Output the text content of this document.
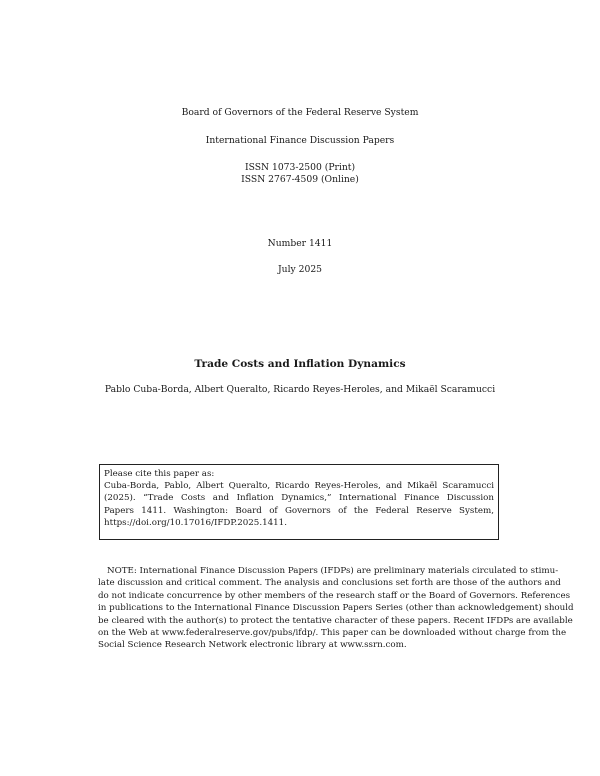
Board of Governors of the Federal Reserve System
International Finance Discussion Papers
ISSN 1073-2500 (Print)
ISSN 2767-4509 (Online)
Number 1411
July 2025
Trade Costs and Inflation Dynamics
Pablo Cuba-Borda, Albert Queralto, Ricardo Reyes-Heroles, and Mikaël Scaramucci
Please cite this paper as:
Cuba-Borda, Pablo, Albert Queralto, Ricardo Reyes-Heroles, and Mikaël Scaramucci
(2025). “Trade Costs and Inflation Dynamics,” International Finance Discussion
Papers 1411. Washington: Board of Governors of the Federal Reserve System,
https://doi.org/10.17016/IFDP.2025.1411.
NOTE: International Finance Discussion Papers (IFDPs) are preliminary materials circulated to stimu-
late discussion and critical comment. The analysis and conclusions set forth are those of the authors and
do not indicate concurrence by other members of the research staff or the Board of Governors. References
in publications to the International Finance Discussion Papers Series (other than acknowledgement) should
be cleared with the author(s) to protect the tentative character of these papers. Recent IFDPs are available
on the Web at www.federalreserve.gov/pubs/ifdp/. This paper can be downloaded without charge from the
Social Science Research Network electronic library at www.ssrn.com.
